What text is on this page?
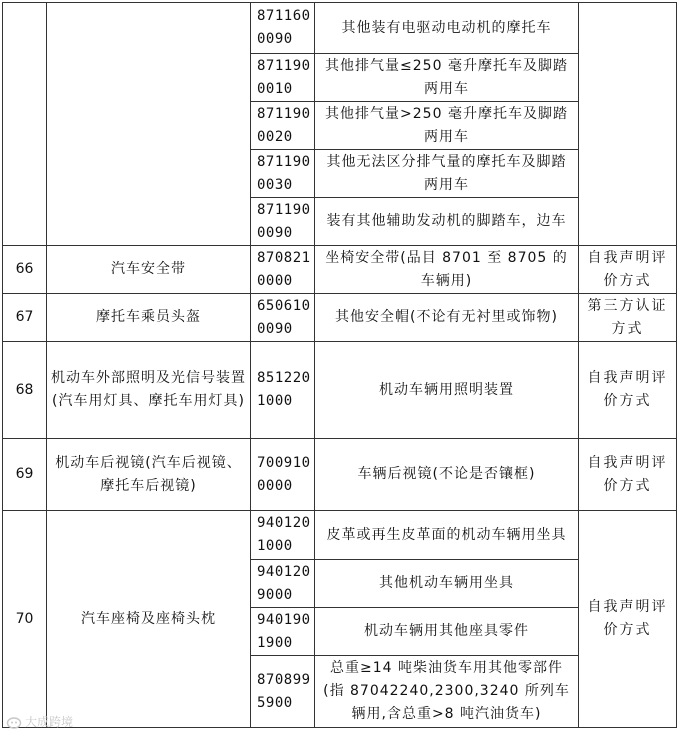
		8711600090	其他装有电驱动电动机的摩托车	
		8711900010	其他排气量≤250 毫升摩托车及脚踏两用车	
		8711900020	其他排气量>250 毫升摩托车及脚踏两用车	
		8711900030	其他无法区分排气量的摩托车及脚踏两用车	
		8711900090	装有其他辅助发动机的脚踏车，边车	
66	汽车安全带	8708210000	坐椅安全带(品目 8701 至 8705 的车辆用)	自我声明评价方式
67	摩托车乘员头盔	6506100090	其他安全帽(不论有无衬里或饰物)	第三方认证方式
68	机动车外部照明及光信号装置(汽车用灯具、摩托车用灯具)	8512201000	机动车辆用照明装置	自我声明评价方式
69	机动车后视镜(汽车后视镜、摩托车后视镜)	7009100000	车辆后视镜(不论是否镶框)	自我声明评价方式
70	汽车座椅及座椅头枕	9401201000	皮革或再生皮革面的机动车辆用坐具	自我声明评价方式
		9401209000	其他机动车辆用坐具	
		9401901900	机动车辆用其他座具零件	
		8708995900	总重≥14 吨柴油货车用其他零部件(指 87042240,2300,3240 所列车辆用,含总重>8 吨汽油货车)	
大成跨境
